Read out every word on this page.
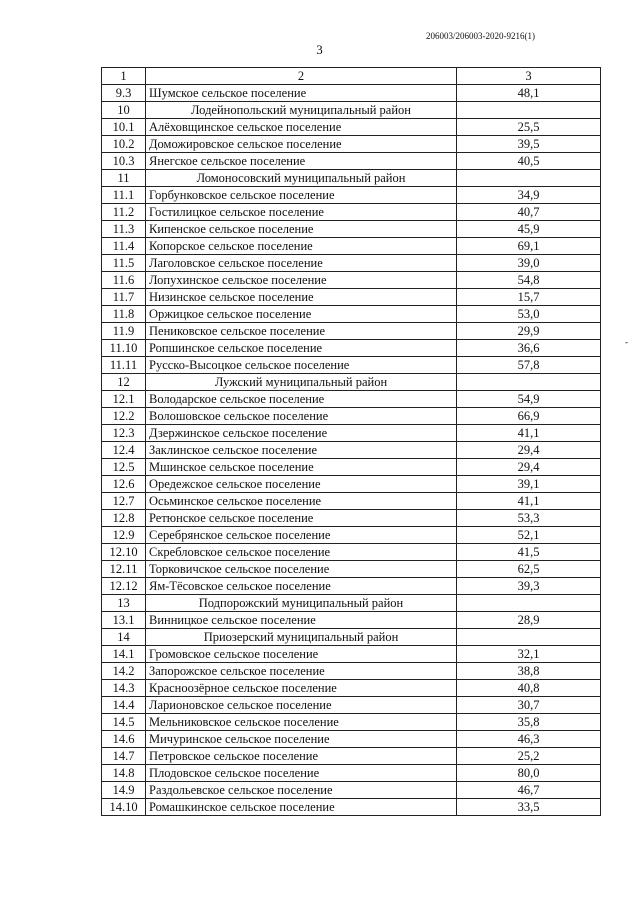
206003/206003-2020-9216(1)
3
-
1	2	3
9.3	Шумское сельское поселение	48,1
10	Лодейнопольский муниципальный район	
10.1	Алёховщинское сельское поселение	25,5
10.2	Доможировское сельское поселение	39,5
10.3	Янегское сельское поселение	40,5
11	Ломоносовский муниципальный район	
11.1	Горбунковское сельское поселение	34,9
11.2	Гостилицкое сельское поселение	40,7
11.3	Кипенское сельское поселение	45,9
11.4	Копорское сельское поселение	69,1
11.5	Лаголовское сельское поселение	39,0
11.6	Лопухинское сельское поселение	54,8
11.7	Низинское сельское поселение	15,7
11.8	Оржицкое сельское поселение	53,0
11.9	Пениковское сельское поселение	29,9
11.10	Ропшинское сельское поселение	36,6
11.11	Русско-Высоцкое сельское поселение	57,8
12	Лужский муниципальный район	
12.1	Володарское сельское поселение	54,9
12.2	Волошовское сельское поселение	66,9
12.3	Дзержинское сельское поселение	41,1
12.4	Заклинское сельское поселение	29,4
12.5	Мшинское сельское поселение	29,4
12.6	Оредежское сельское поселение	39,1
12.7	Осьминское сельское поселение	41,1
12.8	Ретюнское сельское поселение	53,3
12.9	Серебрянское сельское поселение	52,1
12.10	Скребловское сельское поселение	41,5
12.11	Торковичское сельское поселение	62,5
12.12	Ям-Тёсовское сельское поселение	39,3
13	Подпорожский муниципальный район	
13.1	Винницкое сельское поселение	28,9
14	Приозерский муниципальный район	
14.1	Громовское сельское поселение	32,1
14.2	Запорожское сельское поселение	38,8
14.3	Красноозёрное сельское поселение	40,8
14.4	Ларионовское сельское поселение	30,7
14.5	Мельниковское сельское поселение	35,8
14.6	Мичуринское сельское поселение	46,3
14.7	Петровское сельское поселение	25,2
14.8	Плодовское сельское поселение	80,0
14.9	Раздольевское сельское поселение	46,7
14.10	Ромашкинское сельское поселение	33,5
